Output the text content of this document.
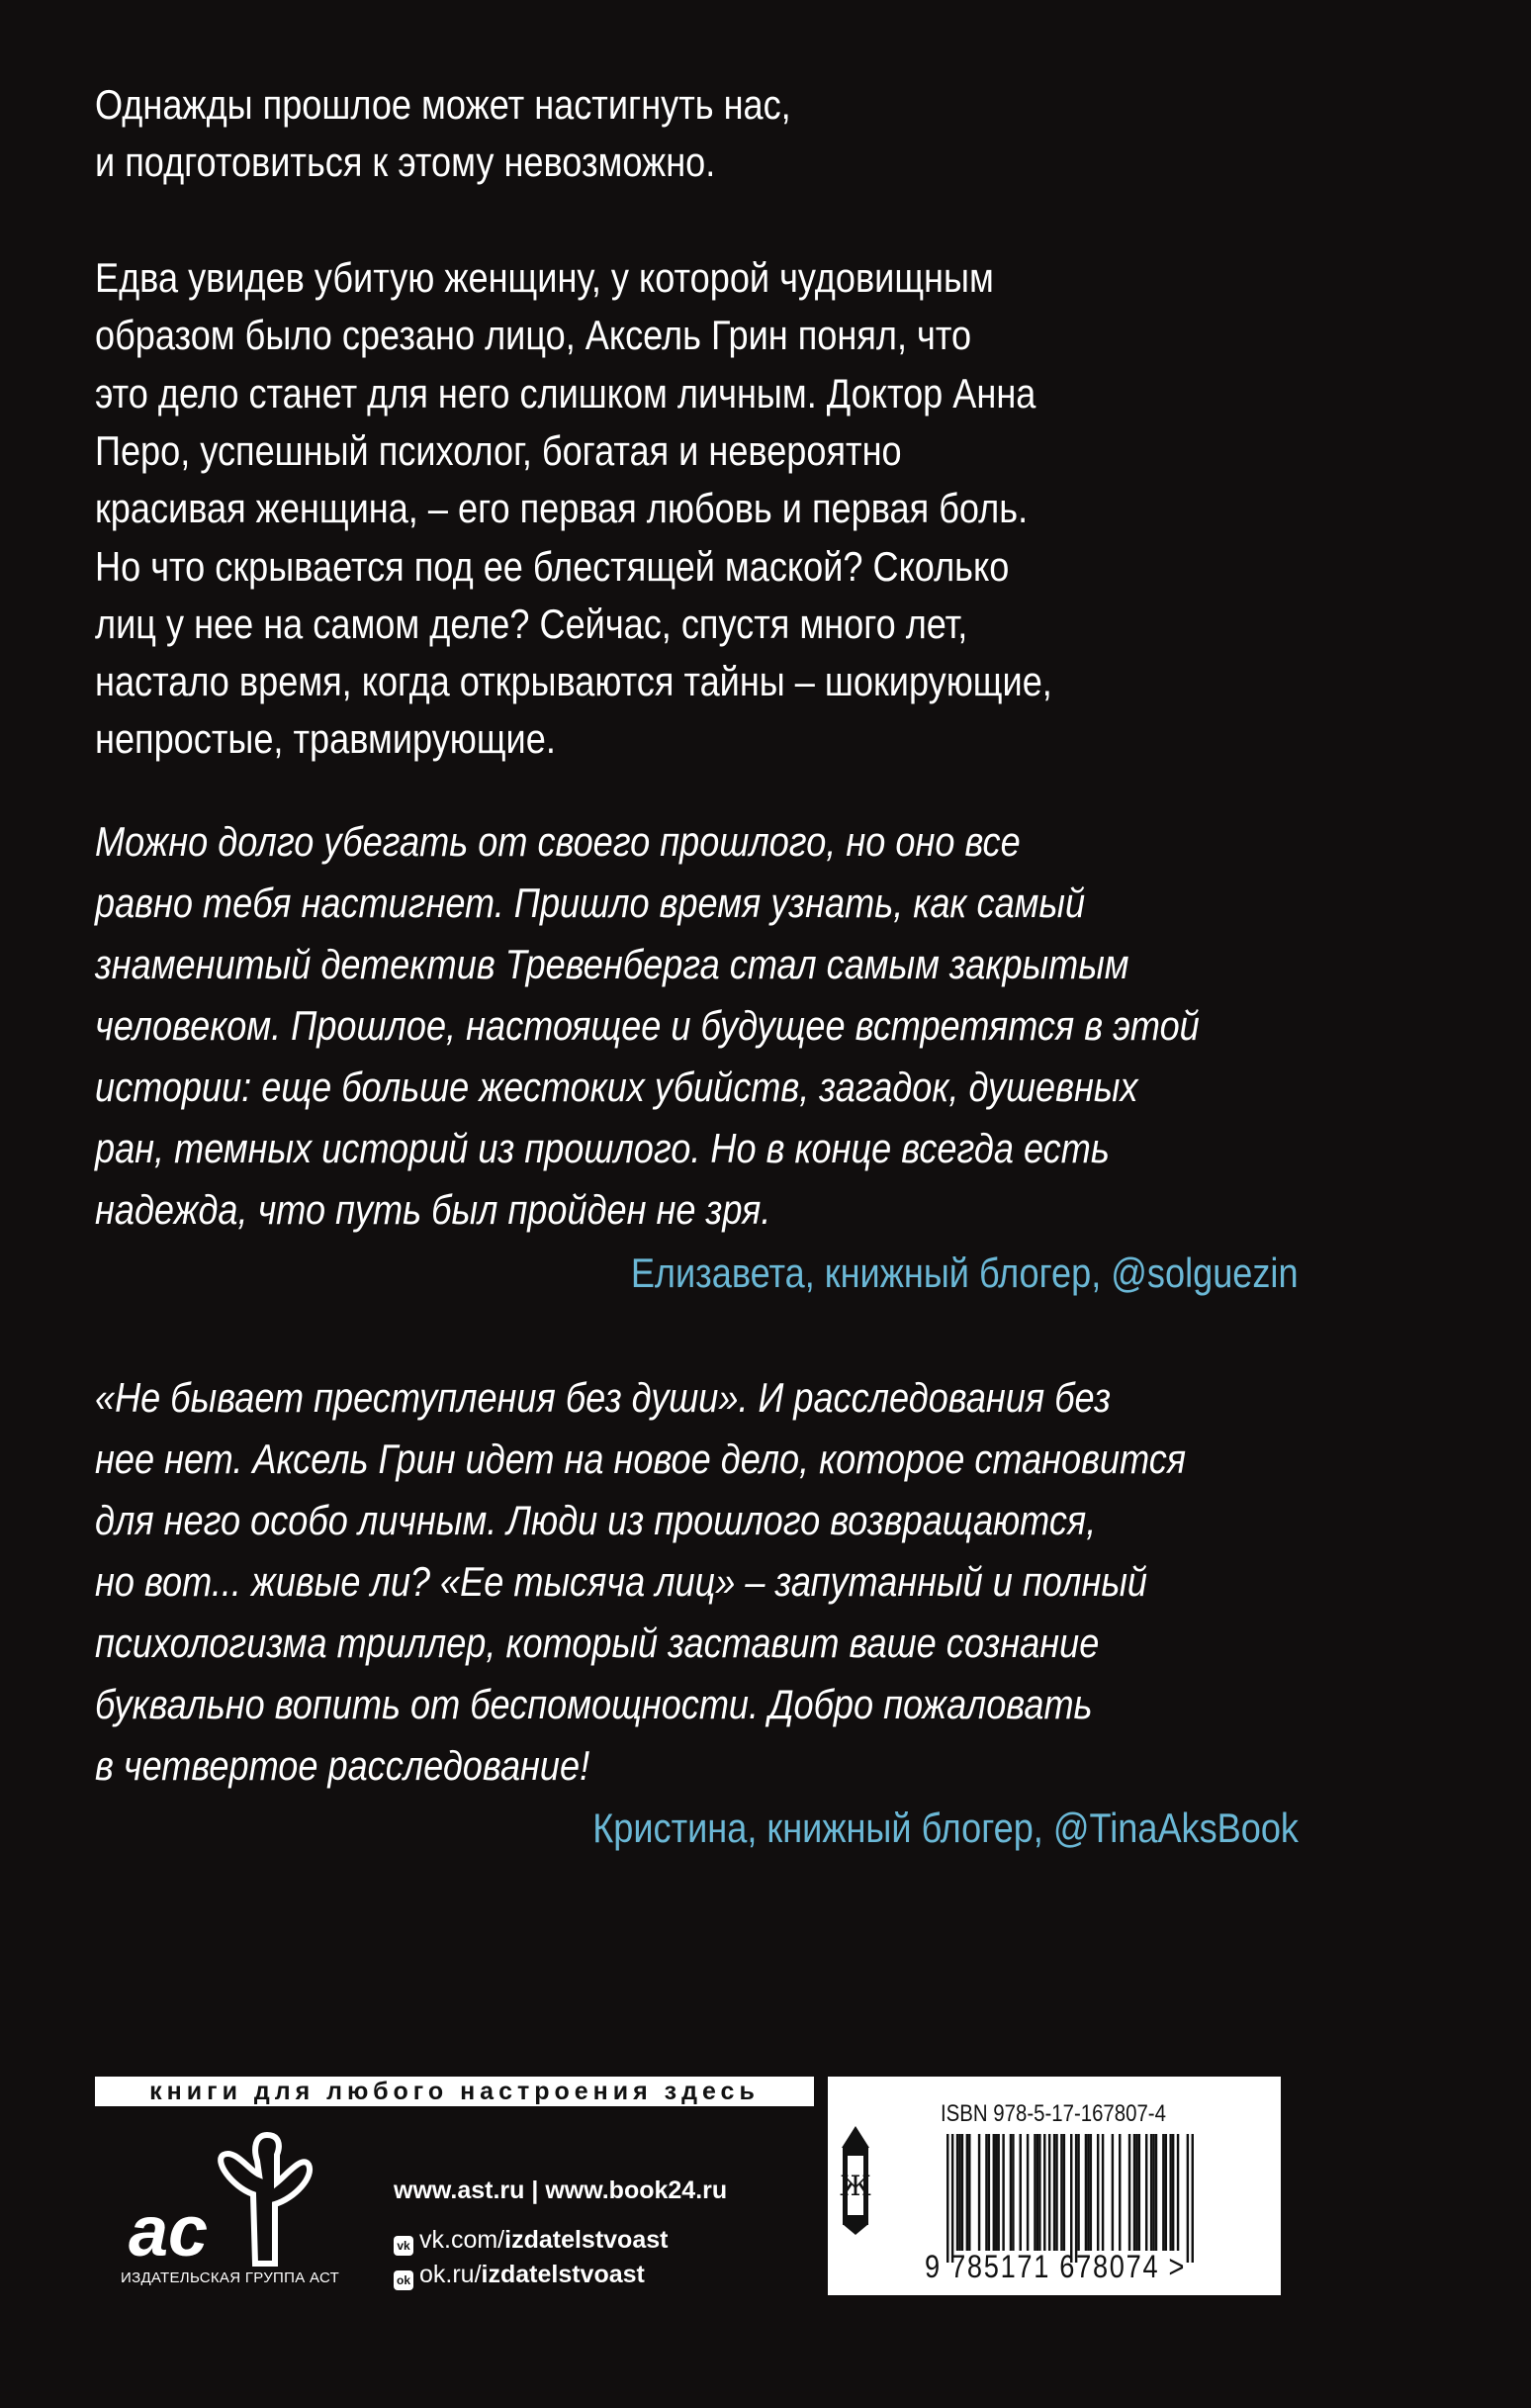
Однажды прошлое может настигнуть нас,
и подготовиться к этому невозможно.
Едва увидев убитую женщину, у которой чудовищным
образом было срезано лицо, Аксель Грин понял, что
это дело станет для него слишком личным. Доктор Анна
Перо, успешный психолог, богатая и невероятно
красивая женщина, – его первая любовь и первая боль.
Но что скрывается под ее блестящей маской? Сколько
лиц у нее на самом деле? Сейчас, спустя много лет,
настало время, когда открываются тайны – шокирующие,
непростые, травмирующие.
Можно долго убегать от своего прошлого, но оно все
равно тебя настигнет. Пришло время узнать, как самый
знаменитый детектив Тревенберга стал самым закрытым
человеком. Прошлое, настоящее и будущее встретятся в этой
истории: еще больше жестоких убийств, загадок, душевных
ран, темных историй из прошлого. Но в конце всегда есть
надежда, что путь был пройден не зря.
Елизавета, книжный блогер, @solguezin
«Не бывает преступления без души». И расследования без
нее нет. Аксель Грин идет на новое дело, которое становится
для него особо личным. Люди из прошлого возвращаются,
но вот... живые ли? «Ее тысяча лиц» – запутанный и полный
психологизма триллер, который заставит ваше сознание
буквально вопить от беспомощности. Добро пожаловать
в четвертое расследование!
Кристина, книжный блогер, @TinaAksBook
книги для любого настроения здесь
ac
ИЗДАТЕЛЬСКАЯ ГРУППА АСТ
www.ast.ru | www.book24.ru
vk vk.com/izdatelstvoast
ok ok.ru/izdatelstvoast
Ж
ISBN 978-5-17-167807-4
9 785171 678074 >
